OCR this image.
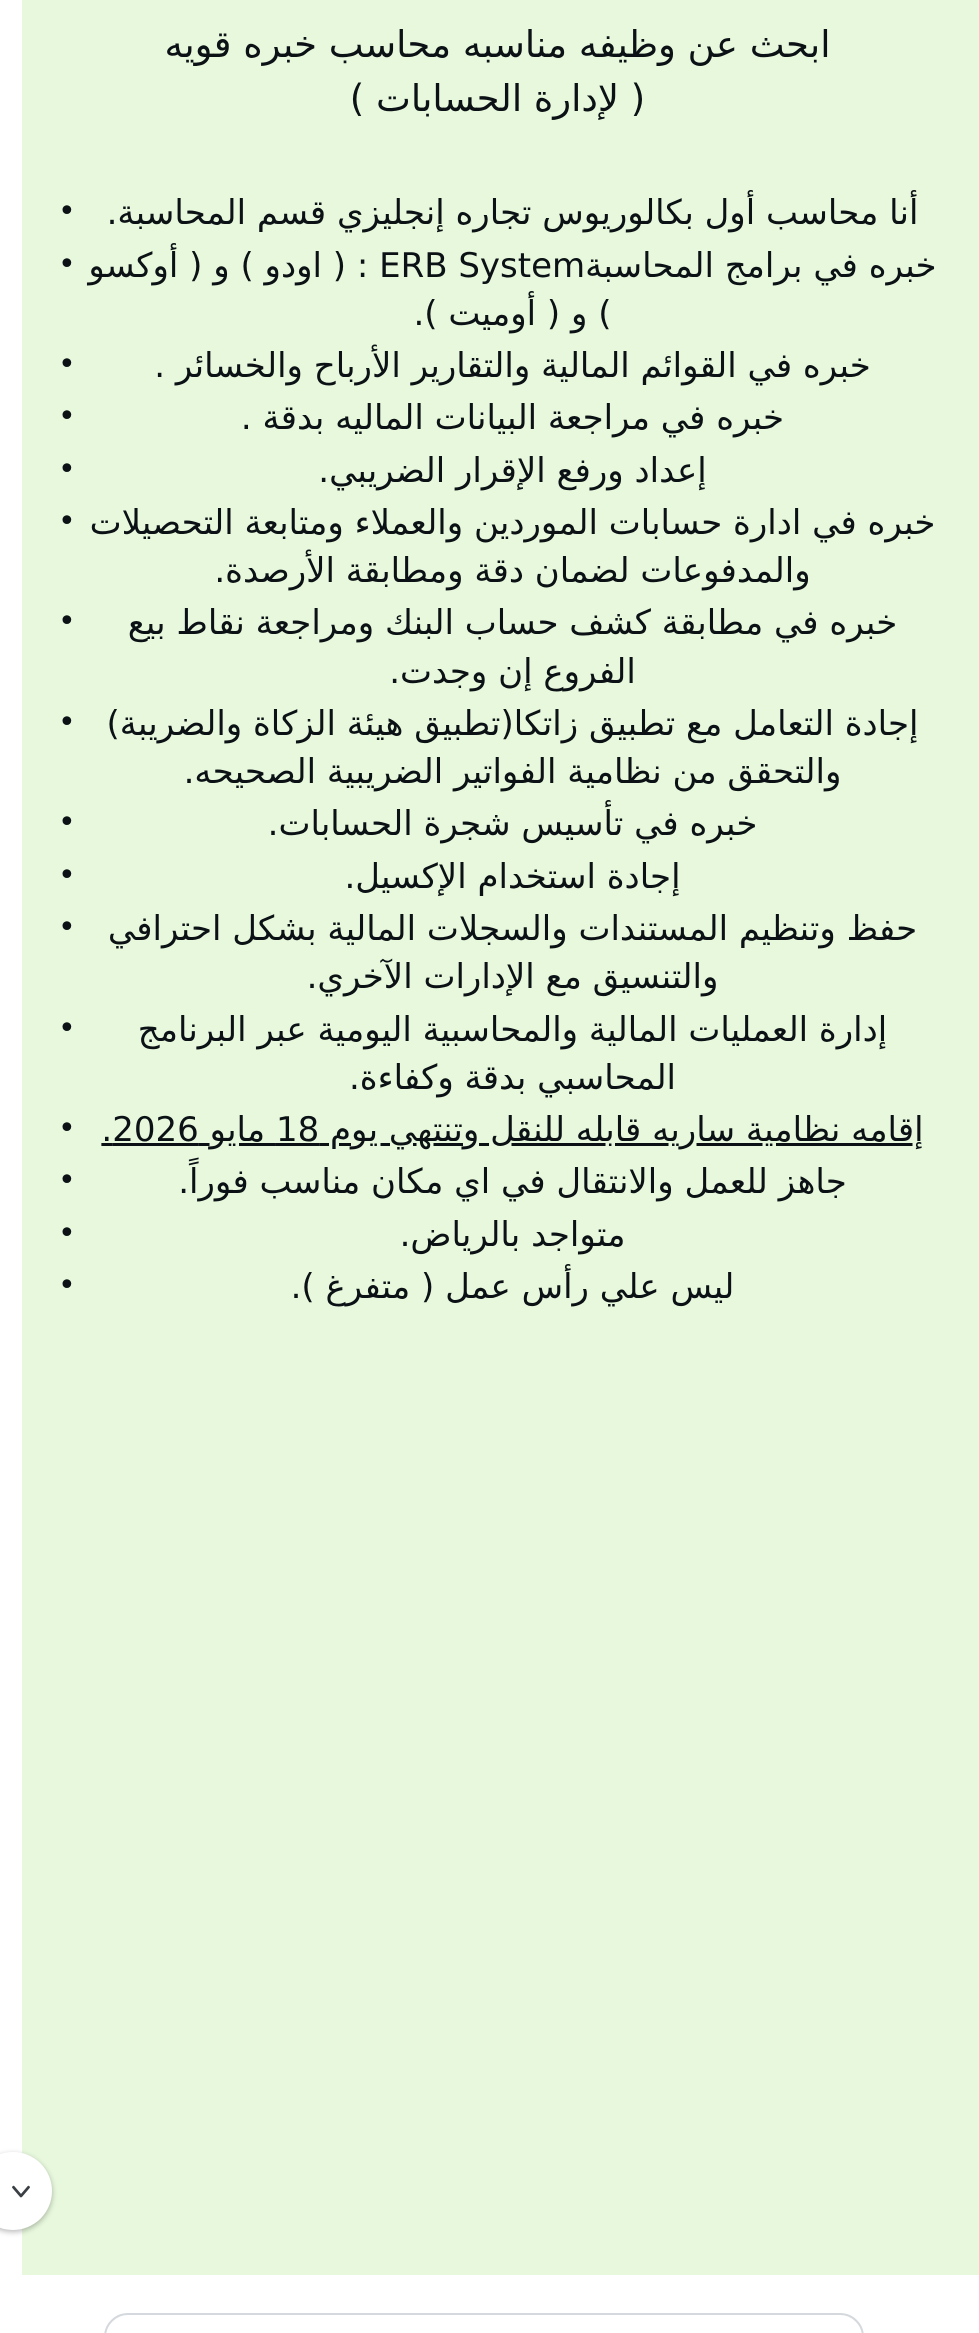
ابحث عن وظيفه مناسبه محاسب خبره قويه
( لإدارة الحسابات )
أنا محاسب أول بكالوريوس تجاره إنجليزي قسم المحاسبة. •
خبره في برامج المحاسبةERB System : ( اودو ) و ( أوكسو ) و ( أوميت ). •
خبره في القوائم المالية والتقارير الأرباح والخسائر . •
خبره في مراجعة البيانات الماليه بدقة . •
إعداد ورفع الإقرار الضريبي. •
خبره في ادارة حسابات الموردين والعملاء ومتابعة التحصيلات والمدفوعات لضمان دقة ومطابقة الأرصدة. •
خبره في مطابقة كشف حساب البنك ومراجعة نقاط بيع الفروع إن وجدت. •
إجادة التعامل مع تطبيق زاتكا(تطبيق هيئة الزكاة والضريبة) والتحقق من نظامية الفواتير الضريبية الصحيحه. •
خبره في تأسيس شجرة الحسابات. •
إجادة استخدام الإكسيل. •
حفظ وتنظيم المستندات والسجلات المالية بشكل احترافي والتنسيق مع الإدارات الآخري. •
إدارة العمليات المالية والمحاسبية اليومية عبر البرنامج المحاسبي بدقة وكفاءة. •
إقامه نظامية ساريه قابله للنقل وتنتهي يوم 18 مايو 2026. •
جاهز للعمل والانتقال في اي مكان مناسب فوراً. •
متواجد بالرياض. •
ليس علي رأس عمل ( متفرغ ). •
